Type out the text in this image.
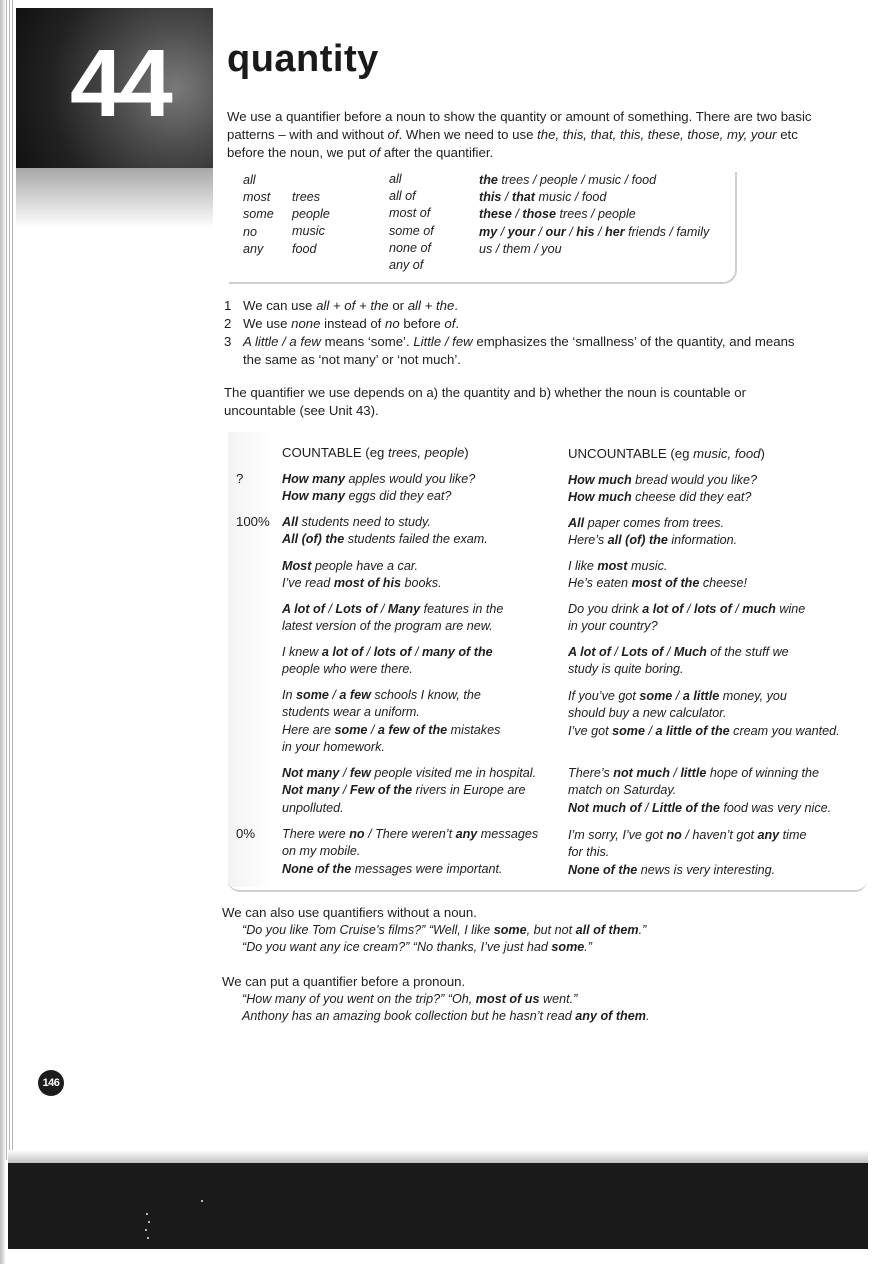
44 quantity
We use a quantifier before a noun to show the quantity or amount of something. There are two basic
patterns – with and without of. When we need to use the, this, that, this, these, those, my, your etc
before the noun, we put of after the quantifier.
all
most
some
no
any
trees
people
music
food
all
all of
most of
some of
none of
any of
the trees / people / music / food
this / that music / food
these / those trees / people
my / your / our / his / her friends / family
us / them / you
1 We can use all + of + the or all + the.
2 We use none instead of no before of.
3 A little / a few means ‘some’. Little / few emphasizes the ‘smallness’ of the quantity, and means
the same as ‘not many’ or ‘not much’.
The quantifier we use depends on a) the quantity and b) whether the noun is countable or
uncountable (see Unit 43).
COUNTABLE (eg trees, people)	UNCOUNTABLE (eg music, food)
?
100%
0%
How many apples would you like?
How many eggs did they eat?
How much bread would you like?
How much cheese did they eat?
All students need to study.
All (of) the students failed the exam.
All paper comes from trees.
Here’s all (of) the information.
Most people have a car.
I’ve read most of his books.
I like most music.
He’s eaten most of the cheese!
A lot of / Lots of / Many features in the
latest version of the program are new.
Do you drink a lot of / lots of / much wine
in your country?
I knew a lot of / lots of / many of the
people who were there.
A lot of / Lots of / Much of the stuff we
study is quite boring.
In some / a few schools I know, the
students wear a uniform.
Here are some / a few of the mistakes
in your homework.
If you’ve got some / a little money, you
should buy a new calculator.
I’ve got some / a little of the cream you wanted.
Not many / few people visited me in hospital.
Not many / Few of the rivers in Europe are
unpolluted.
There’s not much / little hope of winning the
match on Saturday.
Not much of / Little of the food was very nice.
There were no / There weren’t any messages
on my mobile.
None of the messages were important.
I’m sorry, I’ve got no / haven’t got any time
for this.
None of the news is very interesting.
We can also use quantifiers without a noun.
“Do you like Tom Cruise’s films?” “Well, I like some, but not all of them.”
“Do you want any ice cream?” “No thanks, I’ve just had some.”
We can put a quantifier before a pronoun.
“How many of you went on the trip?” “Oh, most of us went.”
Anthony has an amazing book collection but he hasn’t read any of them.
146
